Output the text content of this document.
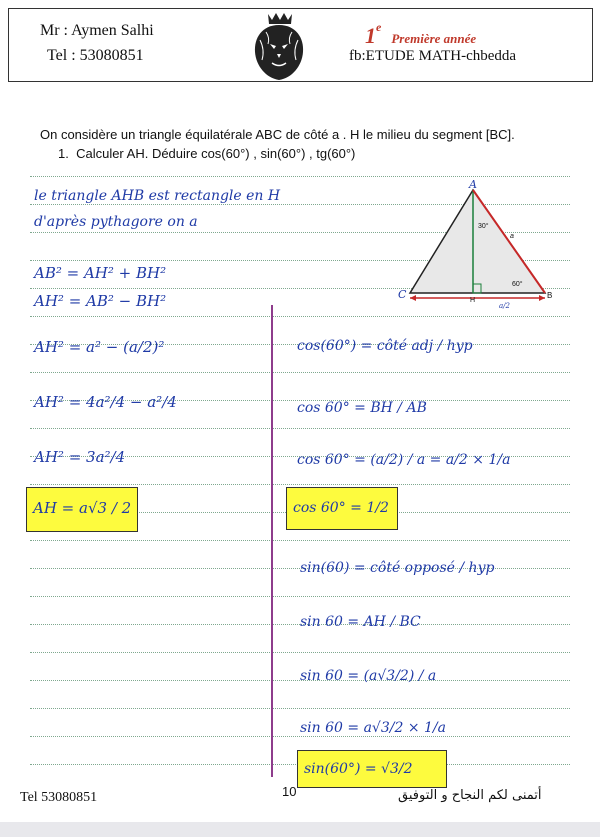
Mr : Aymen Salhi
Tel : 53080851
1ePremière année
fb:ETUDE MATH-chbedda
On considère un triangle équilatérale ABC de côté a . H le milieu du segment [BC].
1. Calculer AH. Déduire cos(60°) , sin(60°) , tg(60°)
A
C	B
H
30°
60°
a
a/2
le triangle AHB est rectangle en H
d'après pythagore on a
AB² = AH² + BH²
AH² = AB² − BH²
AH² = a² − (a/2)²
AH² = 4a²/4 − a²/4
AH² = 3a²/4
AH = a√3 / 2
cos(60°) = côté adj / hyp
cos 60° = BH / AB
cos 60° = (a/2) / a = a/2 × 1/a
cos 60° = 1/2
sin(60) = côté opposé / hyp
sin 60 = AH / BC
sin 60 = (a√3/2) / a
sin 60 = a√3/2 × 1/a
sin(60°) = √3/2
Tel 53080851	10	أتمنى لكم النجاح و التوفيق
